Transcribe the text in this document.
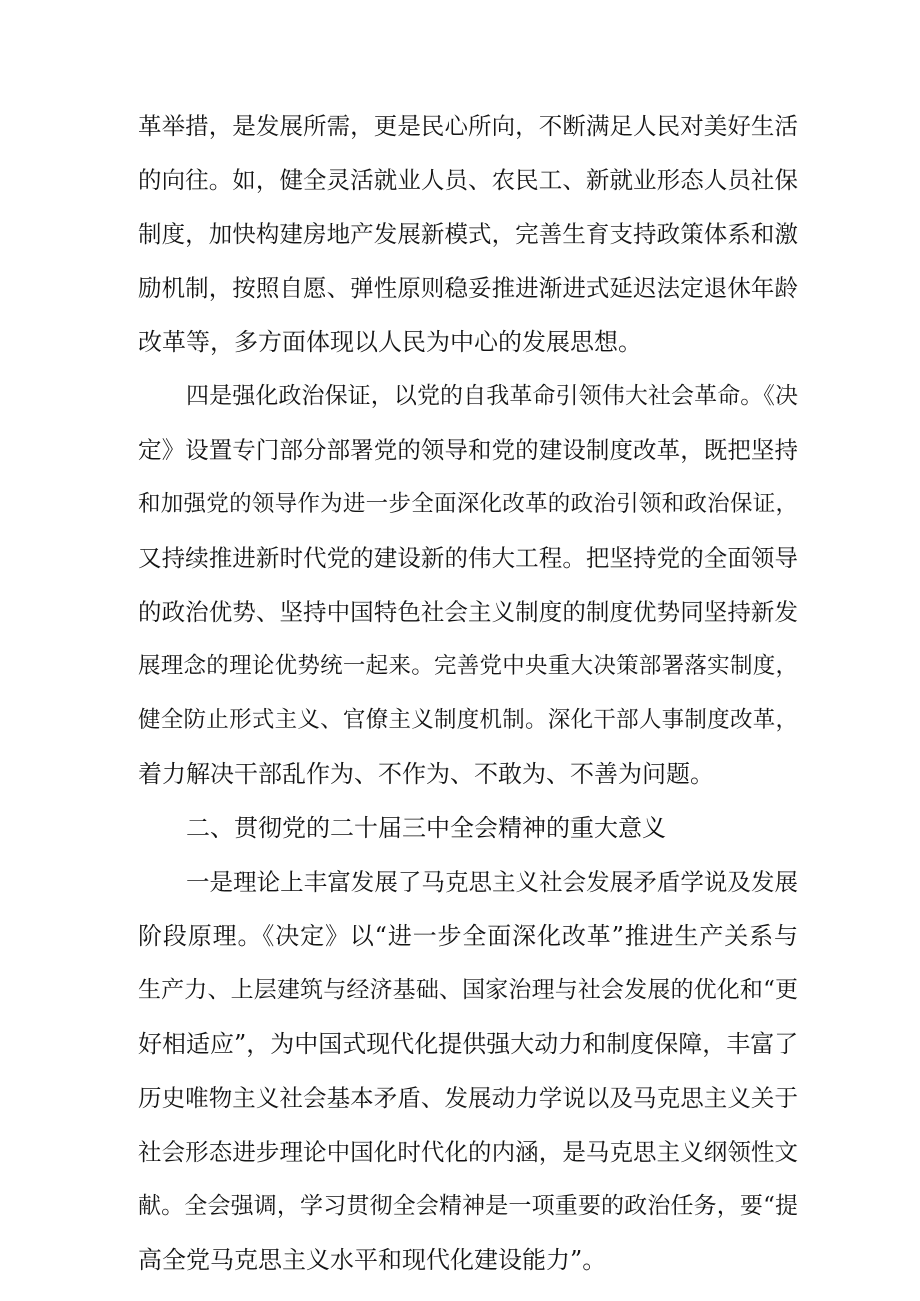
革举措，是发展所需，更是民心所向，不断满足人民对美好生活
的向往。如，健全灵活就业人员、农民工、新就业形态人员社保
制度，加快构建房地产发展新模式，完善生育支持政策体系和激
励机制，按照自愿、弹性原则稳妥推进渐进式延迟法定退休年龄
改革等，多方面体现以人民为中心的发展思想。
四是强化政治保证，以党的自我革命引领伟大社会革命。《决
定》设置专门部分部署党的领导和党的建设制度改革，既把坚持
和加强党的领导作为进一步全面深化改革的政治引领和政治保证，
又持续推进新时代党的建设新的伟大工程。把坚持党的全面领导
的政治优势、坚持中国特色社会主义制度的制度优势同坚持新发
展理念的理论优势统一起来。完善党中央重大决策部署落实制度，
健全防止形式主义、官僚主义制度机制。深化干部人事制度改革，
着力解决干部乱作为、不作为、不敢为、不善为问题。
二、贯彻党的二十届三中全会精神的重大意义
一是理论上丰富发展了马克思主义社会发展矛盾学说及发展
阶段原理。《决定》以“进一步全面深化改革”推进生产关系与
生产力、上层建筑与经济基础、国家治理与社会发展的优化和“更
好相适应”，为中国式现代化提供强大动力和制度保障，丰富了
历史唯物主义社会基本矛盾、发展动力学说以及马克思主义关于
社会形态进步理论中国化时代化的内涵，是马克思主义纲领性文
献。全会强调，学习贯彻全会精神是一项重要的政治任务，要“提
高全党马克思主义水平和现代化建设能力”。
